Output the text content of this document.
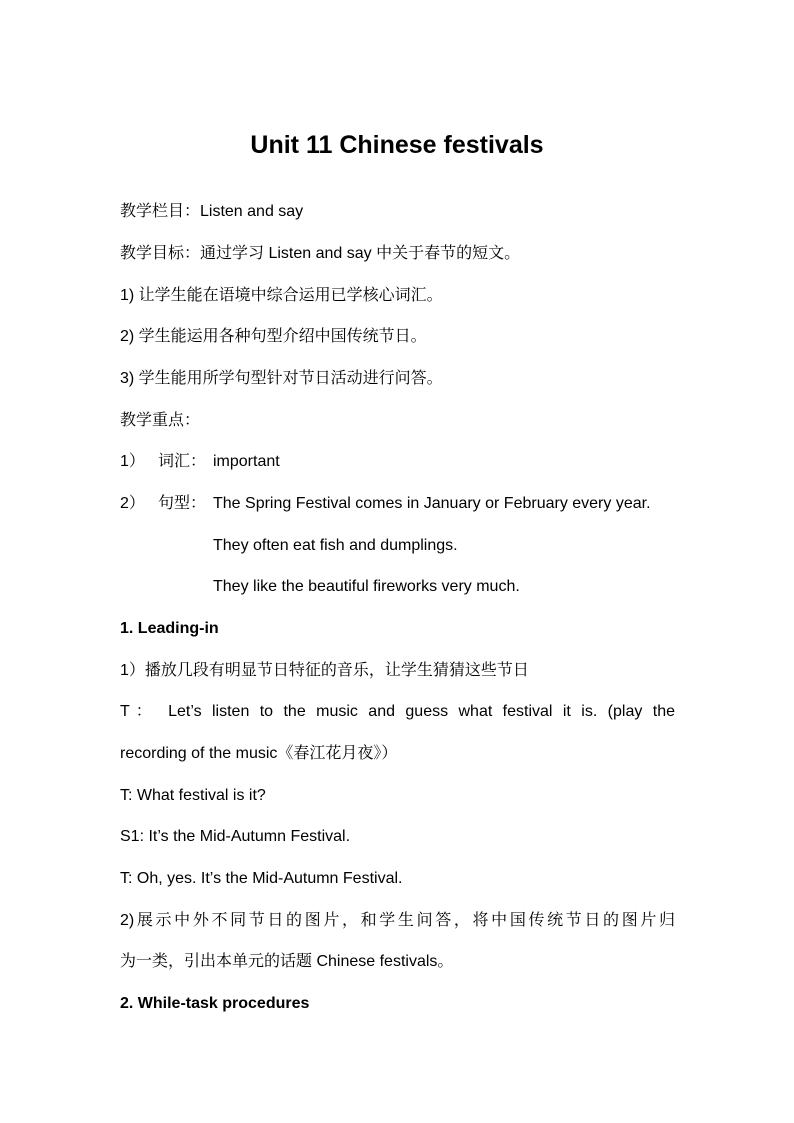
Unit 11 Chinese festivals
教学栏目：Listen and say
教学目标：通过学习 Listen and say 中关于春节的短文。
1) 让学生能在语境中综合运用已学核心词汇。
2) 学生能运用各种句型介绍中国传统节日。
3) 学生能用所学句型针对节日活动进行问答。
教学重点：
1） 词汇： important
2） 句型： The Spring Festival comes in January or February every year.
They often eat fish and dumplings.
They like the beautiful fireworks very much.
1. Leading-in
1）播放几段有明显节日特征的音乐，让学生猜猜这些节日
T： Let’s listen to the music and guess what festival it is. (play the
recording of the music《春江花月夜》）
T: What festival is it?
S1: It’s the Mid-Autumn Festival.
T: Oh, yes. It’s the Mid-Autumn Festival.
2)展示中外不同节日的图片，和学生问答，将中国传统节日的图片归
为一类，引出本单元的话题 Chinese festivals。
2. While-task procedures
